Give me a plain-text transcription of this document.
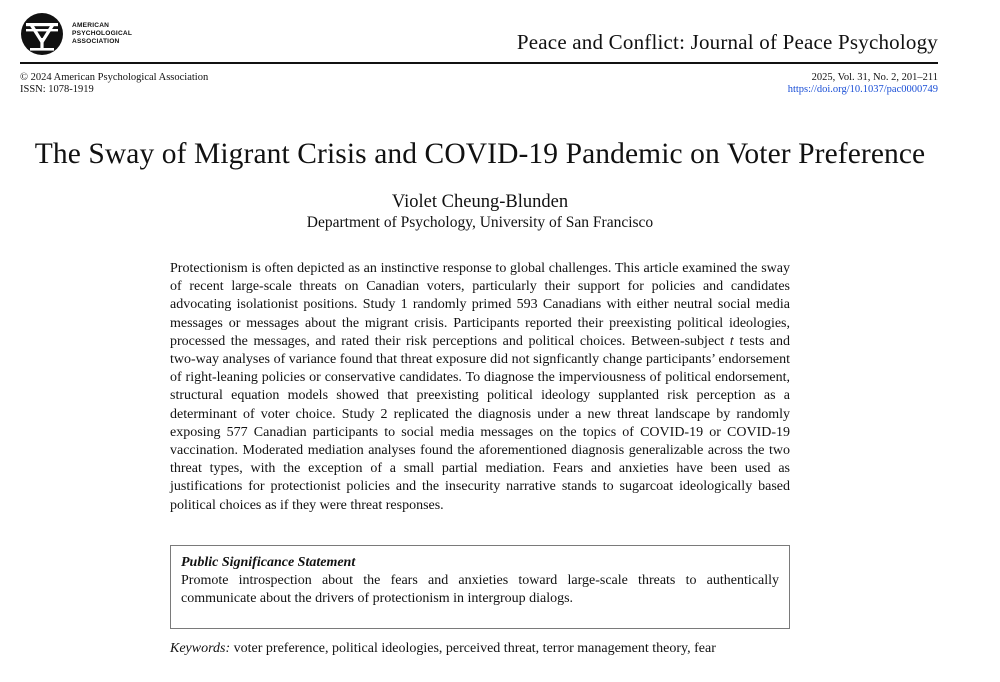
AMERICAN
PSYCHOLOGICAL
ASSOCIATION	Peace and Conflict: Journal of Peace Psychology
© 2024 American Psychological Association
ISSN: 1078-1919
2025, Vol. 31, No. 2, 201–211
https://doi.org/10.1037/pac0000749
The Sway of Migrant Crisis and COVID-19 Pandemic on Voter Preference
Violet Cheung-Blunden
Department of Psychology, University of San Francisco

Protectionism is often depicted as an instinctive response to global challenges. This article examined the sway of recent large-scale threats on Canadian voters, particularly their support for policies and candidates advocating isolationist positions. Study 1 randomly primed 593 Canadians with either neutral social media messages or messages about the migrant crisis. Participants reported their preexisting political ideologies, processed the messages, and rated their risk perceptions and political choices. Between-subject t tests and two-way analyses of variance found that threat exposure did not signficantly change participants’ endorsement of right-leaning policies or conservative candidates. To diagnose the imperviousness of political endorsement, structural equation models showed that preexisting political ideology supplanted risk perception as a determinant of voter choice. Study 2 replicated the diagnosis under a new threat landscape by randomly exposing 577 Canadian participants to social media messages on the topics of COVID-19 or COVID-19 vaccination. Moderated mediation analyses found the aforementioned diagnosis generalizable across the two threat types, with the exception of a small partial mediation. Fears and anxieties have been used as justifications for protectionist policies and the insecurity narrative stands to sugarcoat ideologically based political choices as if they were threat responses.

Public Significance Statement
Promote introspection about the fears and anxieties toward large-scale threats to authentically communicate about the drivers of protectionism in intergroup dialogs.
Keywords: voter preference, political ideologies, perceived threat, terror management theory, fear
